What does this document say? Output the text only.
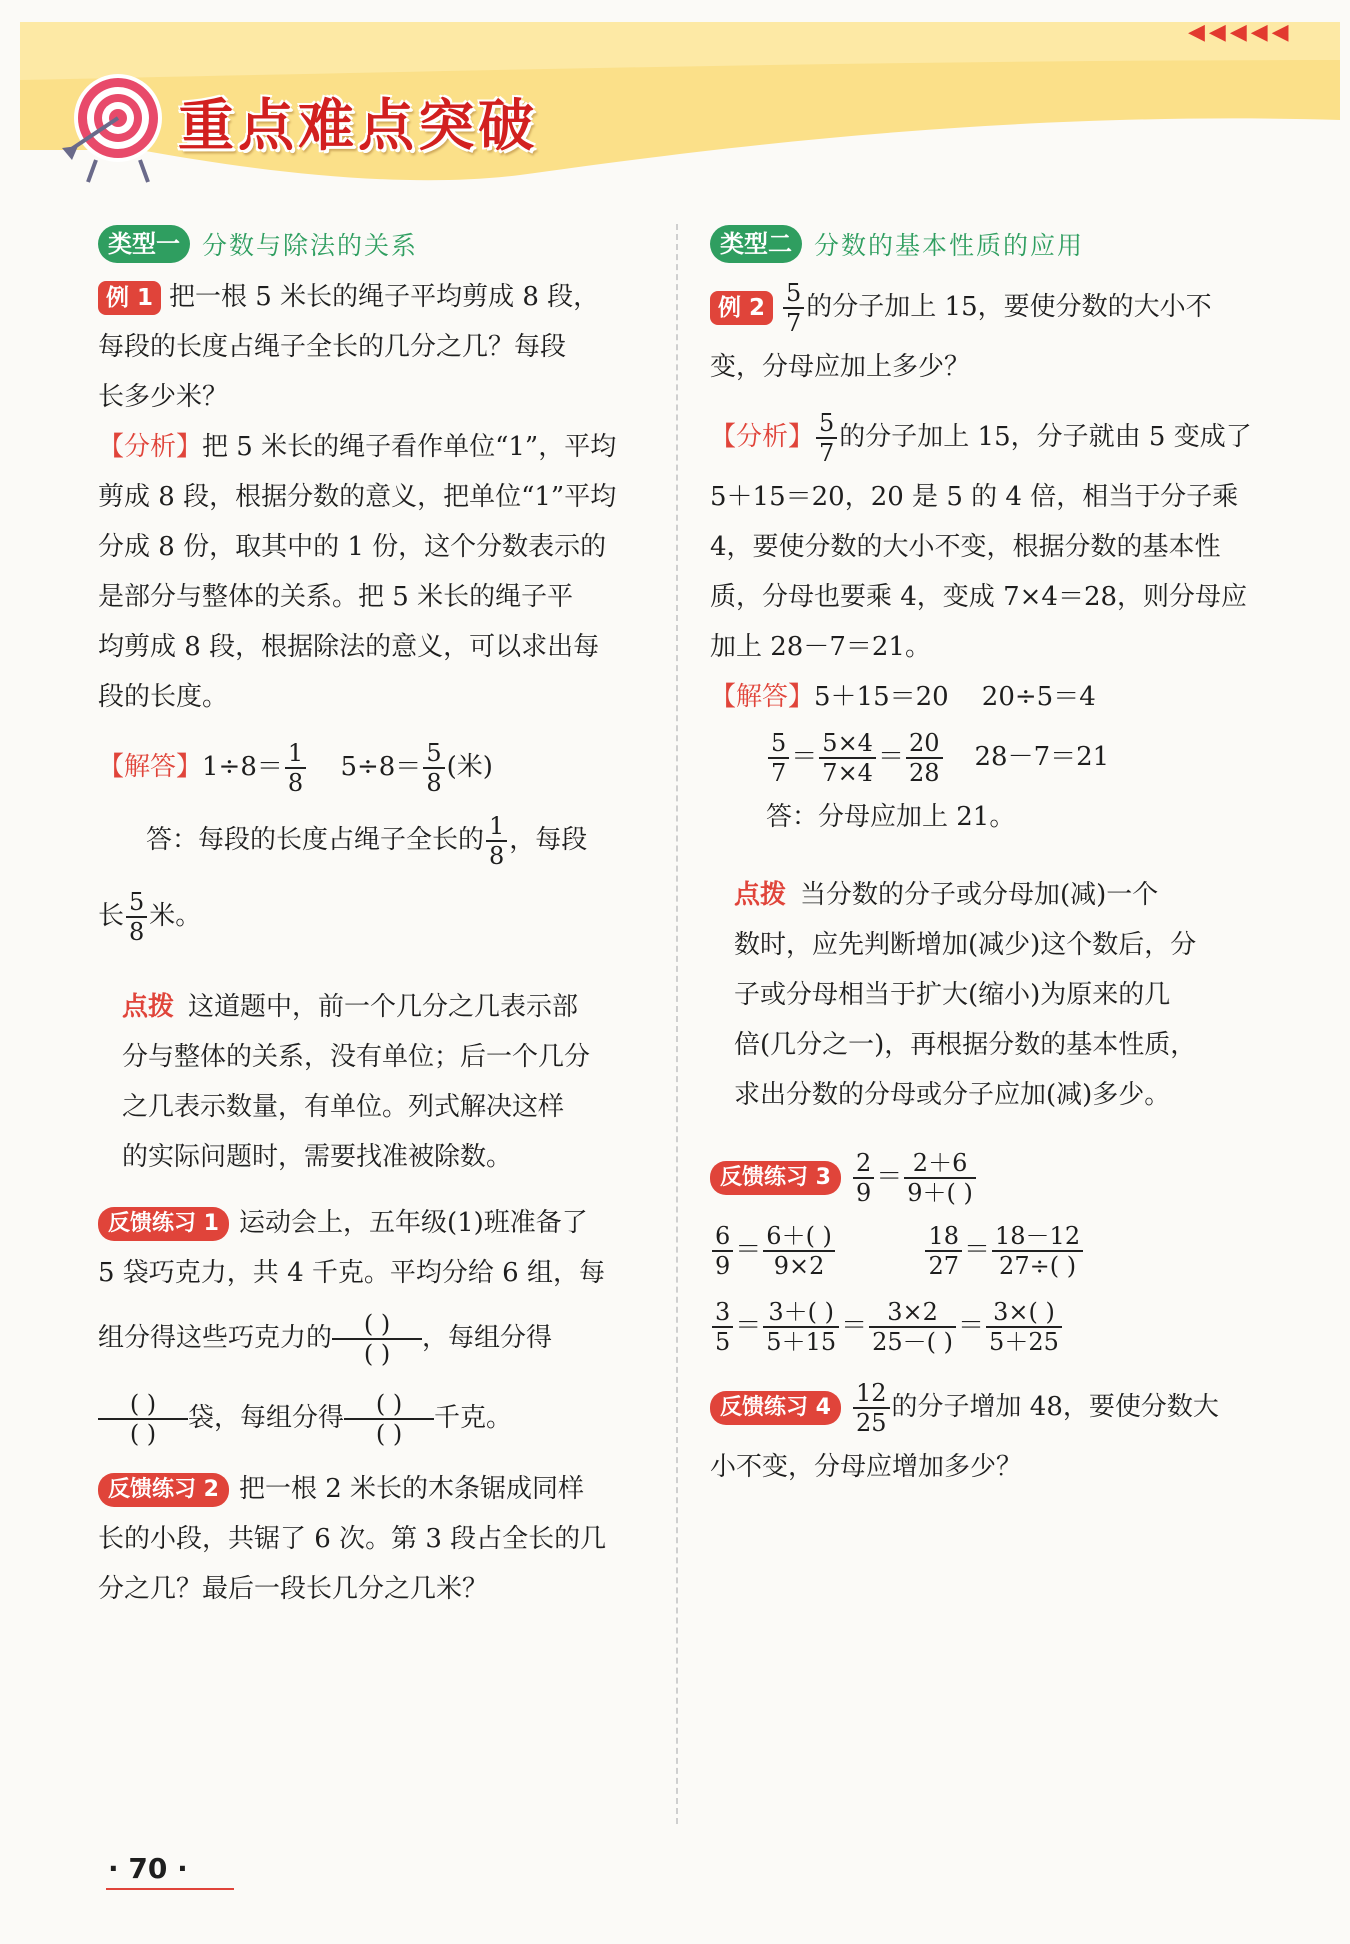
◀◀◀◀◀
重点难点突破
类型一 分数与除法的关系
例 1 把一根 5 米长的绳子平均剪成 8 段，
每段的长度占绳子全长的几分之几？每段
长多少米？
【分析】把 5 米长的绳子看作单位“1”，平均
剪成 8 段，根据分数的意义，把单位“1”平均
分成 8 份，取其中的 1 份，这个分数表示的
是部分与整体的关系。把 5 米长的绳子平
均剪成 8 段，根据除法的意义，可以求出每
段的长度。
【解答】$1\div 8= \frac{1}{8} 5\div 8= \frac{5}{8}$ (米)
答：每段的长度占绳子全长的 $\frac{1}{8}$ ，每段
长 $\frac{5}{8}$ 米。
点拨 这道题中，前一个几分之几表示部
分与整体的关系，没有单位；后一个几分
之几表示数量，有单位。列式解决这样
的实际问题时，需要找准被除数。
反馈练习 1 运动会上，五年级(1)班准备了
5 袋巧克力，共 4 千克。平均分给 6 组，每
组分得这些巧克力的	( )
( )
，每组分得
( )
( )
袋，每组分得	( )
( )
千克。
反馈练习 2 把一根 2 米长的木条锯成同样
长的小段，共锯了 6 次。第 3 段占全长的几
分之几？最后一段长几分之几米？
类型二 分数的基本性质的应用
例 $2 \frac{5}{7}$ 的分子加上 15，要使分数的大小不
变，分母应加上多少？
【分析】 $\frac{5}{7}$ 的分子加上 15，分子就由 5 变成了
5＋15＝20，20 是 5 的 4 倍，相当于分子乘
4，要使分数的大小不变，根据分数的基本性
质，分母也要乘 4，变成 7×4＝28，则分母应
加上 28－7＝21。
【解答】5＋15＝20    20÷5＝4
$\frac{5}{7} = \frac{5\times 4}{7\times 4} = \frac{20}{28} 28-7=21$
答：分母应加上 21。
点拨 当分数的分子或分母加(减)一个
数时，应先判断增加(减少)这个数后，分
子或分母相当于扩大(缩小)为原来的几
倍(几分之一)，再根据分数的基本性质，
求出分数的分母或分子应加(减)多少。
反馈练习 $3 \frac{2}{9} = \frac{2+6}{9+( )}$
$\frac{6}{9} = \frac{6+( )}{9\times 2}$
	$\frac{18}{27} = \frac{18-12}{27\div( )}$
$\frac{3}{5} = \frac{3+( )}{5+15} = \frac{3\times 2}{25-( )} = \frac{3\times( )}{5+25}$
反馈练习 $4 \frac{12}{25}$ 的分子增加 48，要使分数大
小不变，分母应增加多少？
· 70 ·
